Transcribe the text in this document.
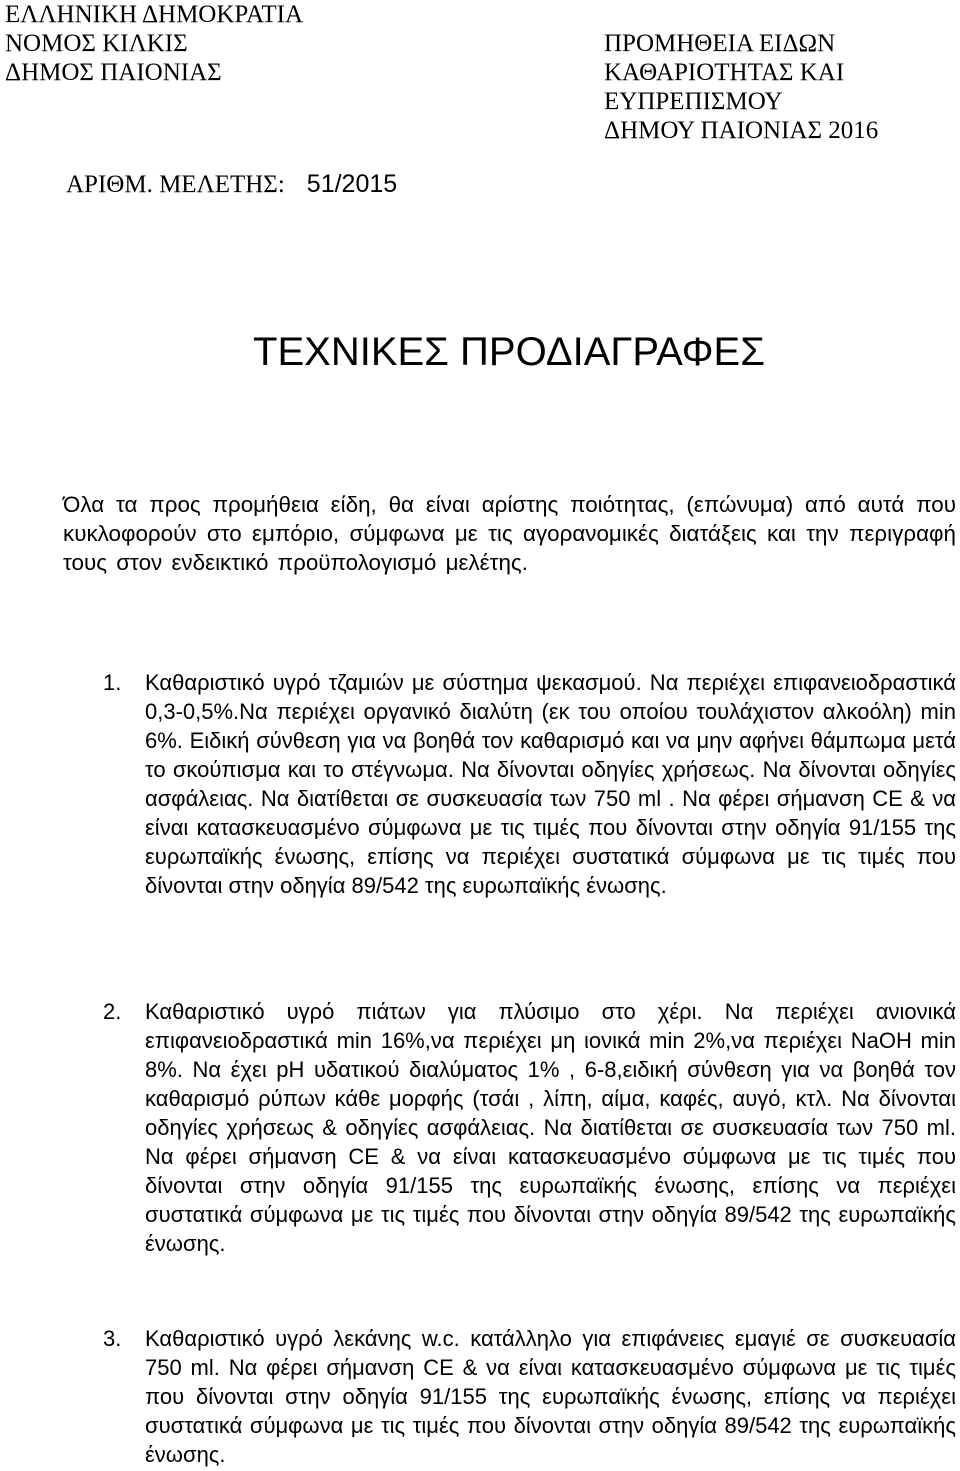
ΕΛΛΗΝΙΚΗ ΔΗΜΟΚΡΑΤΙΑ
ΝΟΜΟΣ ΚΙΛΚΙΣ
ΔΗΜΟΣ ΠΑΙΟΝΙΑΣ
ΠΡΟΜΗΘΕΙΑ ΕΙΔΩΝ
ΚΑΘΑΡΙΟΤΗΤΑΣ ΚΑΙ
ΕΥΠΡΕΠΙΣΜΟΥ
ΔΗΜΟΥ ΠΑΙΟΝΙΑΣ 2016
ΑΡΙΘΜ. ΜΕΛΕΤΗΣ: 51/2015
ΤΕΧΝΙΚΕΣ ΠΡΟΔΙΑΓΡΑΦΕΣ
Όλα τα προς προμήθεια είδη, θα είναι αρίστης ποιότητας, (επώνυμα) από αυτά που κυκλοφορούν στο εμπόριο, σύμφωνα με τις αγορανομικές διατάξεις και την περιγραφή τους στον ενδεικτικό προϋπολογισμό μελέτης.
1. Καθαριστικό υγρό τζαμιών με σύστημα ψεκασμού. Να περιέχει επιφανειοδραστικά 0,3-0,5%.Να περιέχει οργανικό διαλύτη (εκ του οποίου τουλάχιστον αλκοόλη) min 6%. Ειδική σύνθεση για να βοηθά τον καθαρισμό και να μην αφήνει θάμπωμα μετά το σκούπισμα και το στέγνωμα. Να δίνονται οδηγίες χρήσεως. Να δίνονται οδηγίες ασφάλειας. Να διατίθεται σε συσκευασία των 750 ml . Να φέρει σήμανση CE & να είναι κατασκευασμένο σύμφωνα με τις τιμές που δίνονται στην οδηγία 91/155 της ευρωπαϊκής ένωσης, επίσης να περιέχει συστατικά σύμφωνα με τις τιμές που δίνονται στην οδηγία 89/542 της ευρωπαϊκής ένωσης.
2. Καθαριστικό υγρό πιάτων για πλύσιμο στο χέρι. Να περιέχει ανιονικά επιφανειοδραστικά min 16%,να περιέχει μη ιονικά min 2%,να περιέχει NaOH min 8%. Να έχει pH υδατικού διαλύματος 1% , 6-8,ειδική σύνθεση για να βοηθά τον καθαρισμό ρύπων κάθε μορφής (τσάι , λίπη, αίμα, καφές, αυγό, κτλ. Να δίνονται οδηγίες χρήσεως & οδηγίες ασφάλειας. Να διατίθεται σε συσκευασία των 750 ml. Να φέρει σήμανση CE & να είναι κατασκευασμένο σύμφωνα με τις τιμές που δίνονται στην οδηγία 91/155 της ευρωπαϊκής ένωσης, επίσης να περιέχει συστατικά σύμφωνα με τις τιμές που δίνονται στην οδηγία 89/542 της ευρωπαϊκής ένωσης.
3. Καθαριστικό υγρό λεκάνης w.c. κατάλληλο για επιφάνειες εμαγιέ σε συσκευασία 750 ml. Να φέρει σήμανση CE & να είναι κατασκευασμένο σύμφωνα με τις τιμές που δίνονται στην οδηγία 91/155 της ευρωπαϊκής ένωσης, επίσης να περιέχει συστατικά σύμφωνα με τις τιμές που δίνονται στην οδηγία 89/542 της ευρωπαϊκής ένωσης.
